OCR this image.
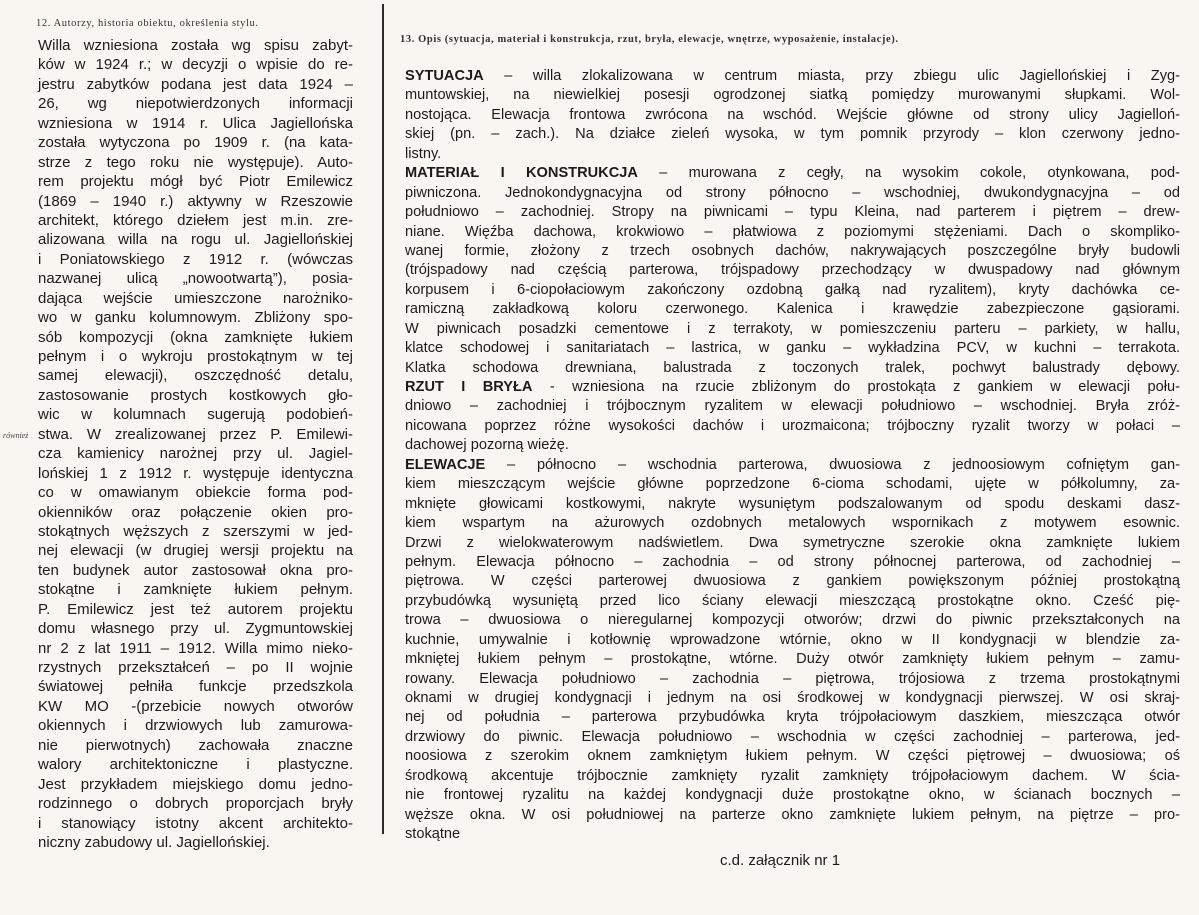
12. Autorzy, historia obiektu, określenia stylu.
13. Opis (sytuacja, materiał i konstrukcja, rzut, bryła, elewacje, wnętrze, wyposażenie, instalacje).
Willa wzniesiona została wg spisu zabyt-
ków w 1924 r.; w decyzji o wpisie do re-
jestru zabytków podana jest data 1924 –
26, wg niepotwierdzonych informacji
wzniesiona w 1914 r. Ulica Jagiellońska
została wytyczona po 1909 r. (na kata-
strze z tego roku nie występuje). Auto-
rem projektu mógł być Piotr Emilewicz
(1869 – 1940 r.) aktywny w Rzeszowie
architekt, którego dziełem jest m.in. zre-
alizowana willa na rogu ul. Jagiellońskiej
i Poniatowskiego z 1912 r. (wówczas
nazwanej ulicą „nowootwartą”), posia-
dająca wejście umieszczone narożniko-
wo w ganku kolumnowym. Zbliżony spo-
sób kompozycji (okna zamknięte łukiem
pełnym i o wykroju prostokątnym w tej
samej elewacji), oszczędność detalu,
zastosowanie prostych kostkowych gło-
wic w kolumnach sugerują podobień-
stwa. W zrealizowanej przez P. Emilewi-
cza kamienicy narożnej przy ul. Jagiel-
lońskiej 1 z 1912 r. występuje identyczna
co w omawianym obiekcie forma pod-
okienników oraz połączenie okien pro-
stokątnych węższych z szerszymi w jed-
nej elewacji (w drugiej wersji projektu na
ten budynek autor zastosował okna pro-
stokątne i zamknięte łukiem pełnym.
P. Emilewicz jest też autorem projektu
domu własnego przy ul. Zygmuntowskiej
nr 2 z lat 1911 – 1912. Willa mimo nieko-
rzystnych przekształceń – po II wojnie
światowej pełniła funkcje przedszkola
KW MO -(przebicie nowych otworów
okiennych i drzwiowych lub zamurowa-
nie pierwotnych) zachowała znaczne
walory architektoniczne i plastyczne.
Jest przykładem miejskiego domu jedno-
rodzinnego o dobrych proporcjach bryły
i stanowiący istotny akcent architekto-
niczny zabudowy ul. Jagiellońskiej.
również
SYTUACJA – willa zlokalizowana w centrum miasta, przy zbiegu ulic Jagiellońskiej i Zyg-
muntowskiej, na niewielkiej posesji ogrodzonej siatką pomiędzy murowanymi słupkami. Wol-
nostojąca. Elewacja frontowa zwrócona na wschód. Wejście główne od strony ulicy Jagielloń-
skiej (pn. – zach.). Na działce zieleń wysoka, w tym pomnik przyrody – klon czerwony jedno-
listny.
MATERIAŁ I KONSTRUKCJA – murowana z cegły, na wysokim cokole, otynkowana, pod-
piwniczona. Jednokondygnacyjna od strony północno – wschodniej, dwukondygnacyjna – od
południowo – zachodniej. Stropy na piwnicami – typu Kleina, nad parterem i piętrem – drew-
niane. Więźba dachowa, krokwiowo – płatwiowa z poziomymi stężeniami. Dach o skomplikо-
wanej formie, złożony z trzech osobnych dachów, nakrywających poszczególne bryły budowli
(trójspadowy nad częścią parterowa, trójspadowy przechodzący w dwuspadowy nad głównym
korpusem i 6-ciopołaciowym zakończony ozdobną gałką nad ryzalitem), kryty dachówka ce-
ramiczną zakładkową koloru czerwonego. Kalenica i krawędzie zabezpieczone gąsiorami.
W piwnicach posadzki cementowe i z terrakoty, w pomieszczeniu parteru – parkiety, w hallu,
klatce schodowej i sanitariatach – lastrica, w ganku – wykładzina PCV, w kuchni – terrakota.
Klatka schodowa drewniana, balustrada z toczonych tralek, pochwyt balustrady dębowy.
RZUT I BRYŁA - wzniesiona na rzucie zbliżonym do prostokąta z gankiem w elewacji połu-
dniowo – zachodniej i trójbocznym ryzalitem w elewacji południowo – wschodniej. Bryła zróż-
nicowana poprzez różne wysokości dachów i urozmaicona; trójboczny ryzalit tworzy w połaci –
dachowej pozorną wieżę.
ELEWACJE – północno – wschodnia parterowa, dwuosiowa z jednoosiowym cofniętym gan-
kiem mieszczącym wejście główne poprzedzone 6-cioma schodami, ujęte w półkolumny, za-
mknięte głowicami kostkowymi, nakryte wysuniętym podszalowanym od spodu deskami dasz-
kiem wspartym na ażurowych ozdobnych metalowych wspornikach z motywem esownic.
Drzwi z wielokwaterowym nadświetlem. Dwa symetryczne szerokie okna zamknięte lukiem
pełnym. Elewacja północno – zachodnia – od strony północnej parterowa, od zachodniej –
piętrowa. W części parterowej dwuosiowa z gankiem powiększonym później prostokątną
przybudówką wysuniętą przed lico ściany elewacji mieszczącą prostokątne okno. Cześć pię-
trowa – dwuosiowa o nieregularnej kompozycji otworów; drzwi do piwnic przekształconych na
kuchnie, umywalnie i kotłownię wprowadzone wtórnie, okno w II kondygnacji w blendzie za-
mkniętej łukiem pełnym – prostokątne, wtórne. Duży otwór zamknięty łukiem pełnym – zamu-
rowany. Elewacja południowo – zachodnia – piętrowa, trójosiowa z trzema prostokątnymi
oknami w drugiej kondygnacji i jednym na osi środkowej w kondygnacji pierwszej. W osi skraj-
nej od południa – parterowa przybudówka kryta trójpołaciowym daszkiem, mieszcząca otwór
drzwiowy do piwnic. Elewacja południowo – wschodnia w części zachodniej – parterowa, jed-
noosiowa z szerokim oknem zamkniętym łukiem pełnym. W części piętrowej – dwuosiowa; oś
środkową akcentuje trójbocznie zamknięty ryzalit zamknięty trójpołaciowym dachem. W ścia-
nie frontowej ryzalitu na każdej kondygnacji duże prostokątne okno, w ścianach bocznych –
węższe okna. W osi południowej na parterze okno zamknięte lukiem pełnym, na piętrze – pro-
stokątne
c.d. załącznik nr 1
